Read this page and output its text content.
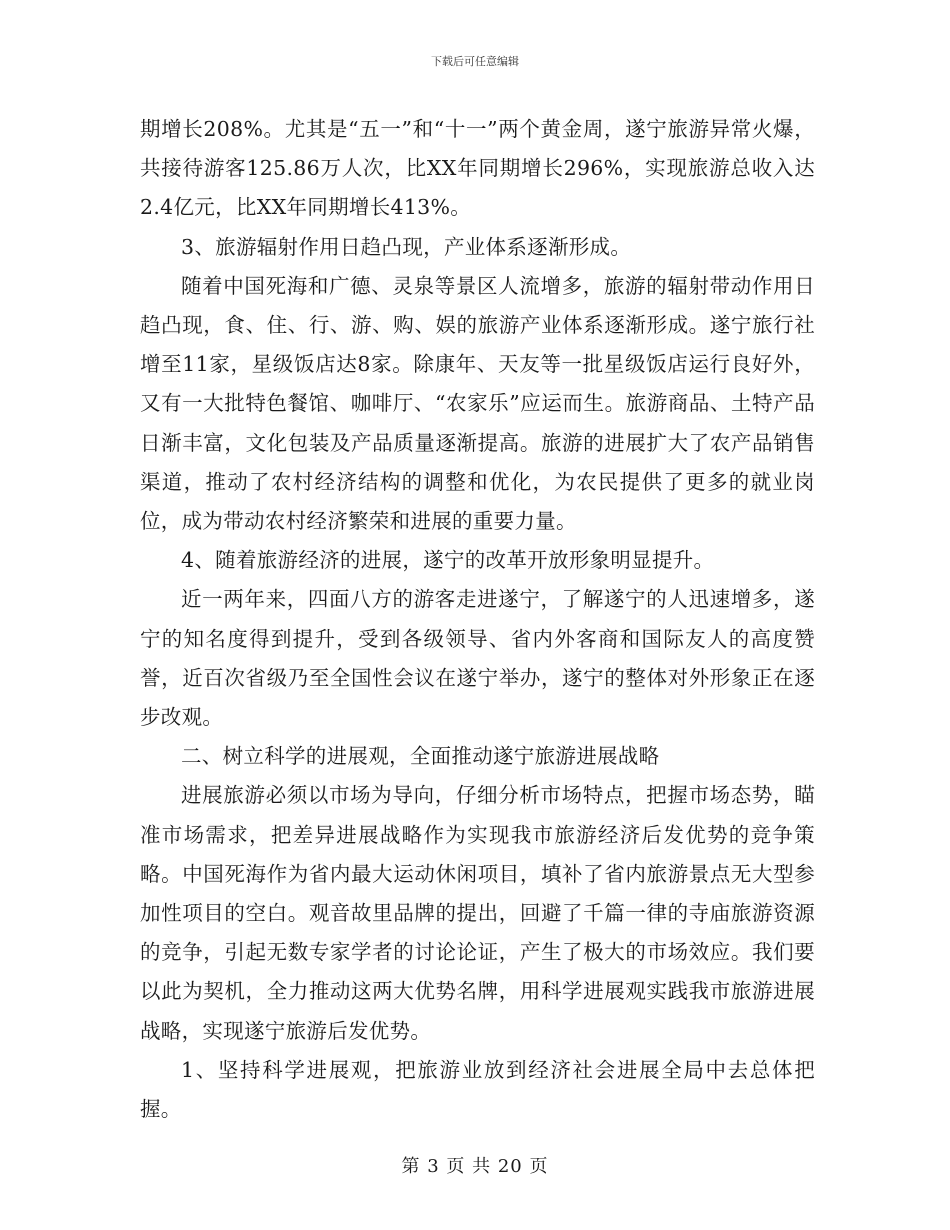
下载后可任意编辑

期增长208%。尤其是“五一”和“十一”两个黄金周，遂宁旅游异常火爆，共接待游客125.86万人次，比XX年同期增长296%，实现旅游总收入达2.4亿元，比XX年同期增长413%。

3、旅游辐射作用日趋凸现，产业体系逐渐形成。

随着中国死海和广德、灵泉等景区人流增多，旅游的辐射带动作用日趋凸现，食、住、行、游、购、娱的旅游产业体系逐渐形成。遂宁旅行社增至11家，星级饭店达8家。除康年、天友等一批星级饭店运行良好外，又有一大批特色餐馆、咖啡厅、“农家乐”应运而生。旅游商品、土特产品日渐丰富，文化包装及产品质量逐渐提高。旅游的进展扩大了农产品销售渠道，推动了农村经济结构的调整和优化，为农民提供了更多的就业岗位，成为带动农村经济繁荣和进展的重要力量。

4、随着旅游经济的进展，遂宁的改革开放形象明显提升。

近一两年来，四面八方的游客走进遂宁，了解遂宁的人迅速增多，遂宁的知名度得到提升，受到各级领导、省内外客商和国际友人的高度赞誉，近百次省级乃至全国性会议在遂宁举办，遂宁的整体对外形象正在逐步改观。

二、树立科学的进展观，全面推动遂宁旅游进展战略

进展旅游必须以市场为导向，仔细分析市场特点，把握市场态势，瞄准市场需求，把差异进展战略作为实现我市旅游经济后发优势的竞争策略。中国死海作为省内最大运动休闲项目，填补了省内旅游景点无大型参加性项目的空白。观音故里品牌的提出，回避了千篇一律的寺庙旅游资源的竞争，引起无数专家学者的讨论论证，产生了极大的市场效应。我们要以此为契机，全力推动这两大优势名牌，用科学进展观实践我市旅游进展战略，实现遂宁旅游后发优势。

1、坚持科学进展观，把旅游业放到经济社会进展全局中去总体把握。

第 3 页 共 20 页
